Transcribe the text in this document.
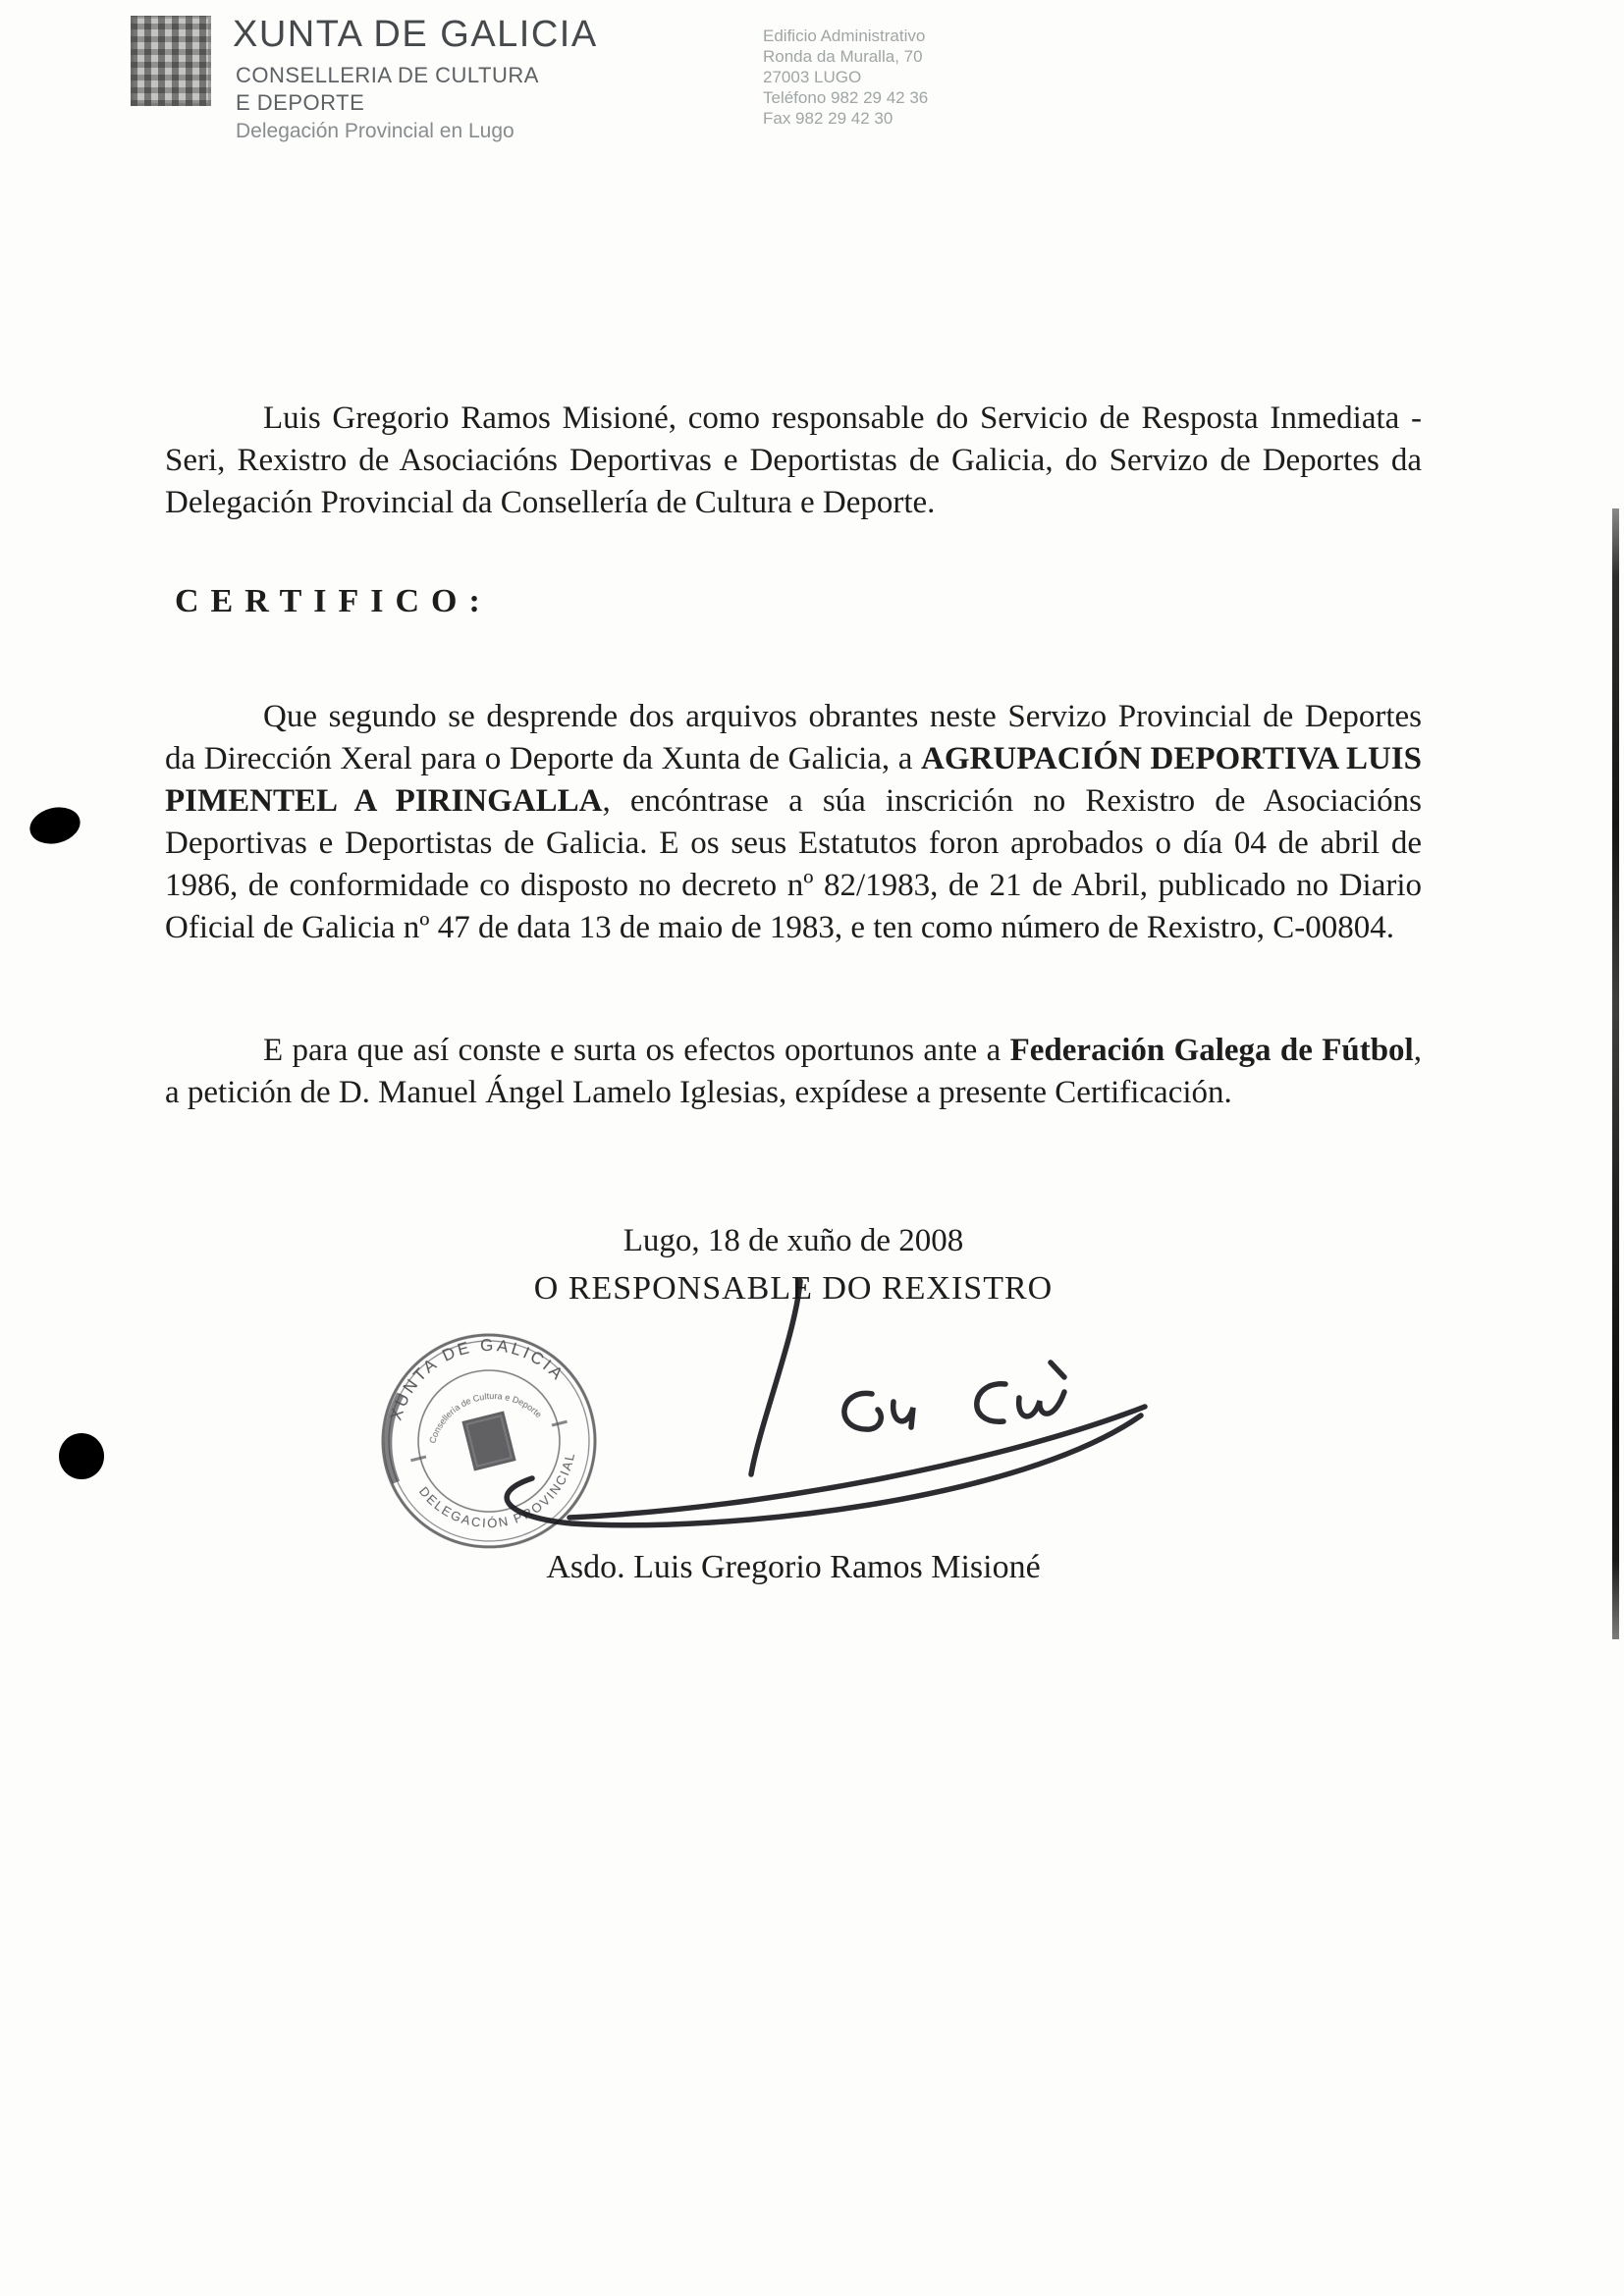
XUNTA DE GALICIA
CONSELLERIA DE CULTURA
E DEPORTE
Delegación Provincial en Lugo
Edificio Administrativo
Ronda da Muralla, 70
27003 LUGO
Teléfono 982 29 42 36
Fax 982 29 42 30

Luis Gregorio Ramos Misioné, como responsable do Servicio de Resposta Inmediata - Seri, Rexistro de Asociacións Deportivas e Deportistas de Galicia, do Servizo de Deportes da Delegación Provincial da Consellería de Cultura e Deporte.

CERTIFICO:

Que segundo se desprende dos arquivos obrantes neste Servizo Provincial de Deportes da Dirección Xeral para o Deporte da Xunta de Galicia, a AGRUPACIÓN DEPORTIVA LUIS PIMENTEL A PIRINGALLA, encóntrase a súa inscrición no Rexistro de Asociacións Deportivas e Deportistas de Galicia. E os seus Estatutos foron aprobados o día 04 de abril de 1986, de conformidade co disposto no decreto nº 82/1983, de 21 de Abril, publicado no Diario Oficial de Galicia nº 47 de data 13 de maio de 1983, e ten como número de Rexistro, C-00804.

E para que así conste e surta os efectos oportunos ante a Federación Galega de Fútbol, a petición de D. Manuel Ángel Lamelo Iglesias, expídese a presente Certificación.

Lugo, 18 de xuño de 2008
O RESPONSABLE DO REXISTRO
XUNTA DE GALICIA
DELEGACIÓN PROVINCIAL
Consellería de Cultura e Deporte
Asdo. Luis Gregorio Ramos Misioné
